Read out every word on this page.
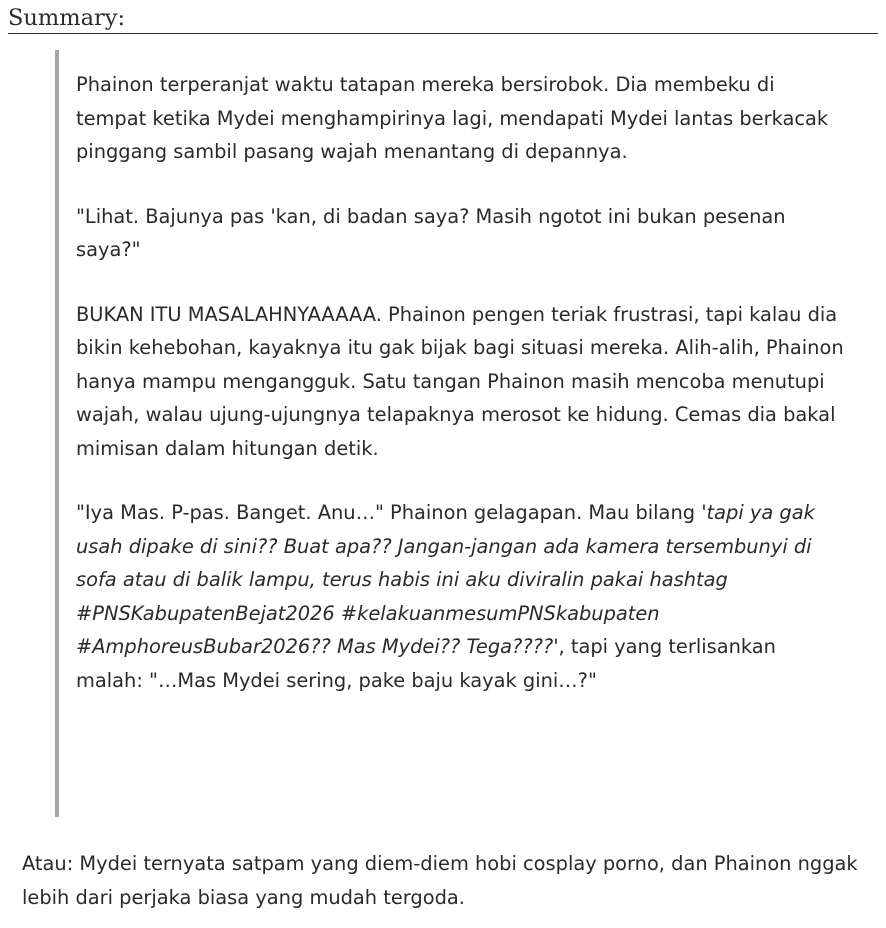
Summary:

Phainon terperanjat waktu tatapan mereka bersirobok. Dia membeku di tempat ketika Mydei menghampirinya lagi, mendapati Mydei lantas berkacak pinggang sambil pasang wajah menantang di depannya.

"Lihat. Bajunya pas 'kan, di badan saya? Masih ngotot ini bukan pesenan saya?"

BUKAN ITU MASALAHNYAAAAA. Phainon pengen teriak frustrasi, tapi kalau dia bikin kehebohan, kayaknya itu gak bijak bagi situasi mereka. Alih-alih, Phainon hanya mampu mengangguk. Satu tangan Phainon masih mencoba menutupi wajah, walau ujung-ujungnya telapaknya merosot ke hidung. Cemas dia bakal mimisan dalam hitungan detik.

"Iya Mas. P-pas. Banget. Anu…" Phainon gelagapan. Mau bilang 'tapi ya gak usah dipake di sini?? Buat apa?? Jangan-jangan ada kamera tersembunyi di sofa atau di balik lampu, terus habis ini aku diviralin pakai hashtag #PNSKabupatenBejat2026 #kelakuanmesumPNSkabupaten #AmphoreusBubar2026?? Mas Mydei?? Tega????', tapi yang terlisankan malah: "…Mas Mydei sering, pake baju kayak gini…?"

Atau: Mydei ternyata satpam yang diem-diem hobi cosplay porno, dan Phainon nggak lebih dari perjaka biasa yang mudah tergoda.
